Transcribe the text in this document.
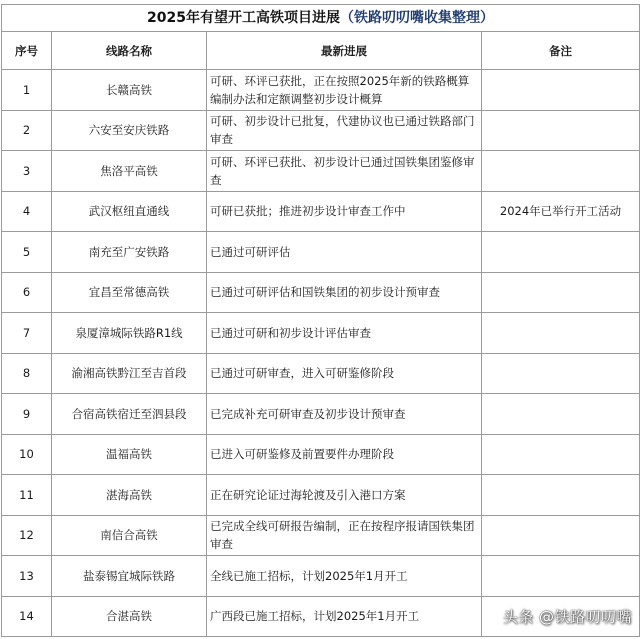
2025年有望开工高铁项目进展（铁路叨叨嘴收集整理）			
序号	线路名称	最新进展	备注
1	长赣高铁	可研、环评已获批，正在按照2025年新的铁路概算编制办法和定额调整初步设计概算	
2	六安至安庆铁路	可研、初步设计已批复，代建协议也已通过铁路部门审查	
3	焦洛平高铁	可研、环评已获批、初步设计已通过国铁集团鉴修审查	
4	武汉枢纽直通线	可研已获批；推进初步设计审查工作中	2024年已举行开工活动
5	南充至广安铁路	已通过可研评估	
6	宜昌至常德高铁	已通过可研评估和国铁集团的初步设计预审查	
7	泉厦漳城际铁路R1线	已通过可研和初步设计评估审查	
8	渝湘高铁黔江至吉首段	已通过可研审查，进入可研鉴修阶段	
9	合宿高铁宿迁至泗县段	已完成补充可研审查及初步设计预审查	
10	温福高铁	已进入可研鉴修及前置要件办理阶段	
11	湛海高铁	正在研究论证过海轮渡及引入港口方案	
12	南信合高铁	已完成全线可研报告编制，正在按程序报请国铁集团审查	
13	盐泰锡宜城际铁路	全线已施工招标，计划2025年1月开工	
14	合湛高铁	广西段已施工招标，计划2025年1月开工		头条 @铁路叨叨嘴
